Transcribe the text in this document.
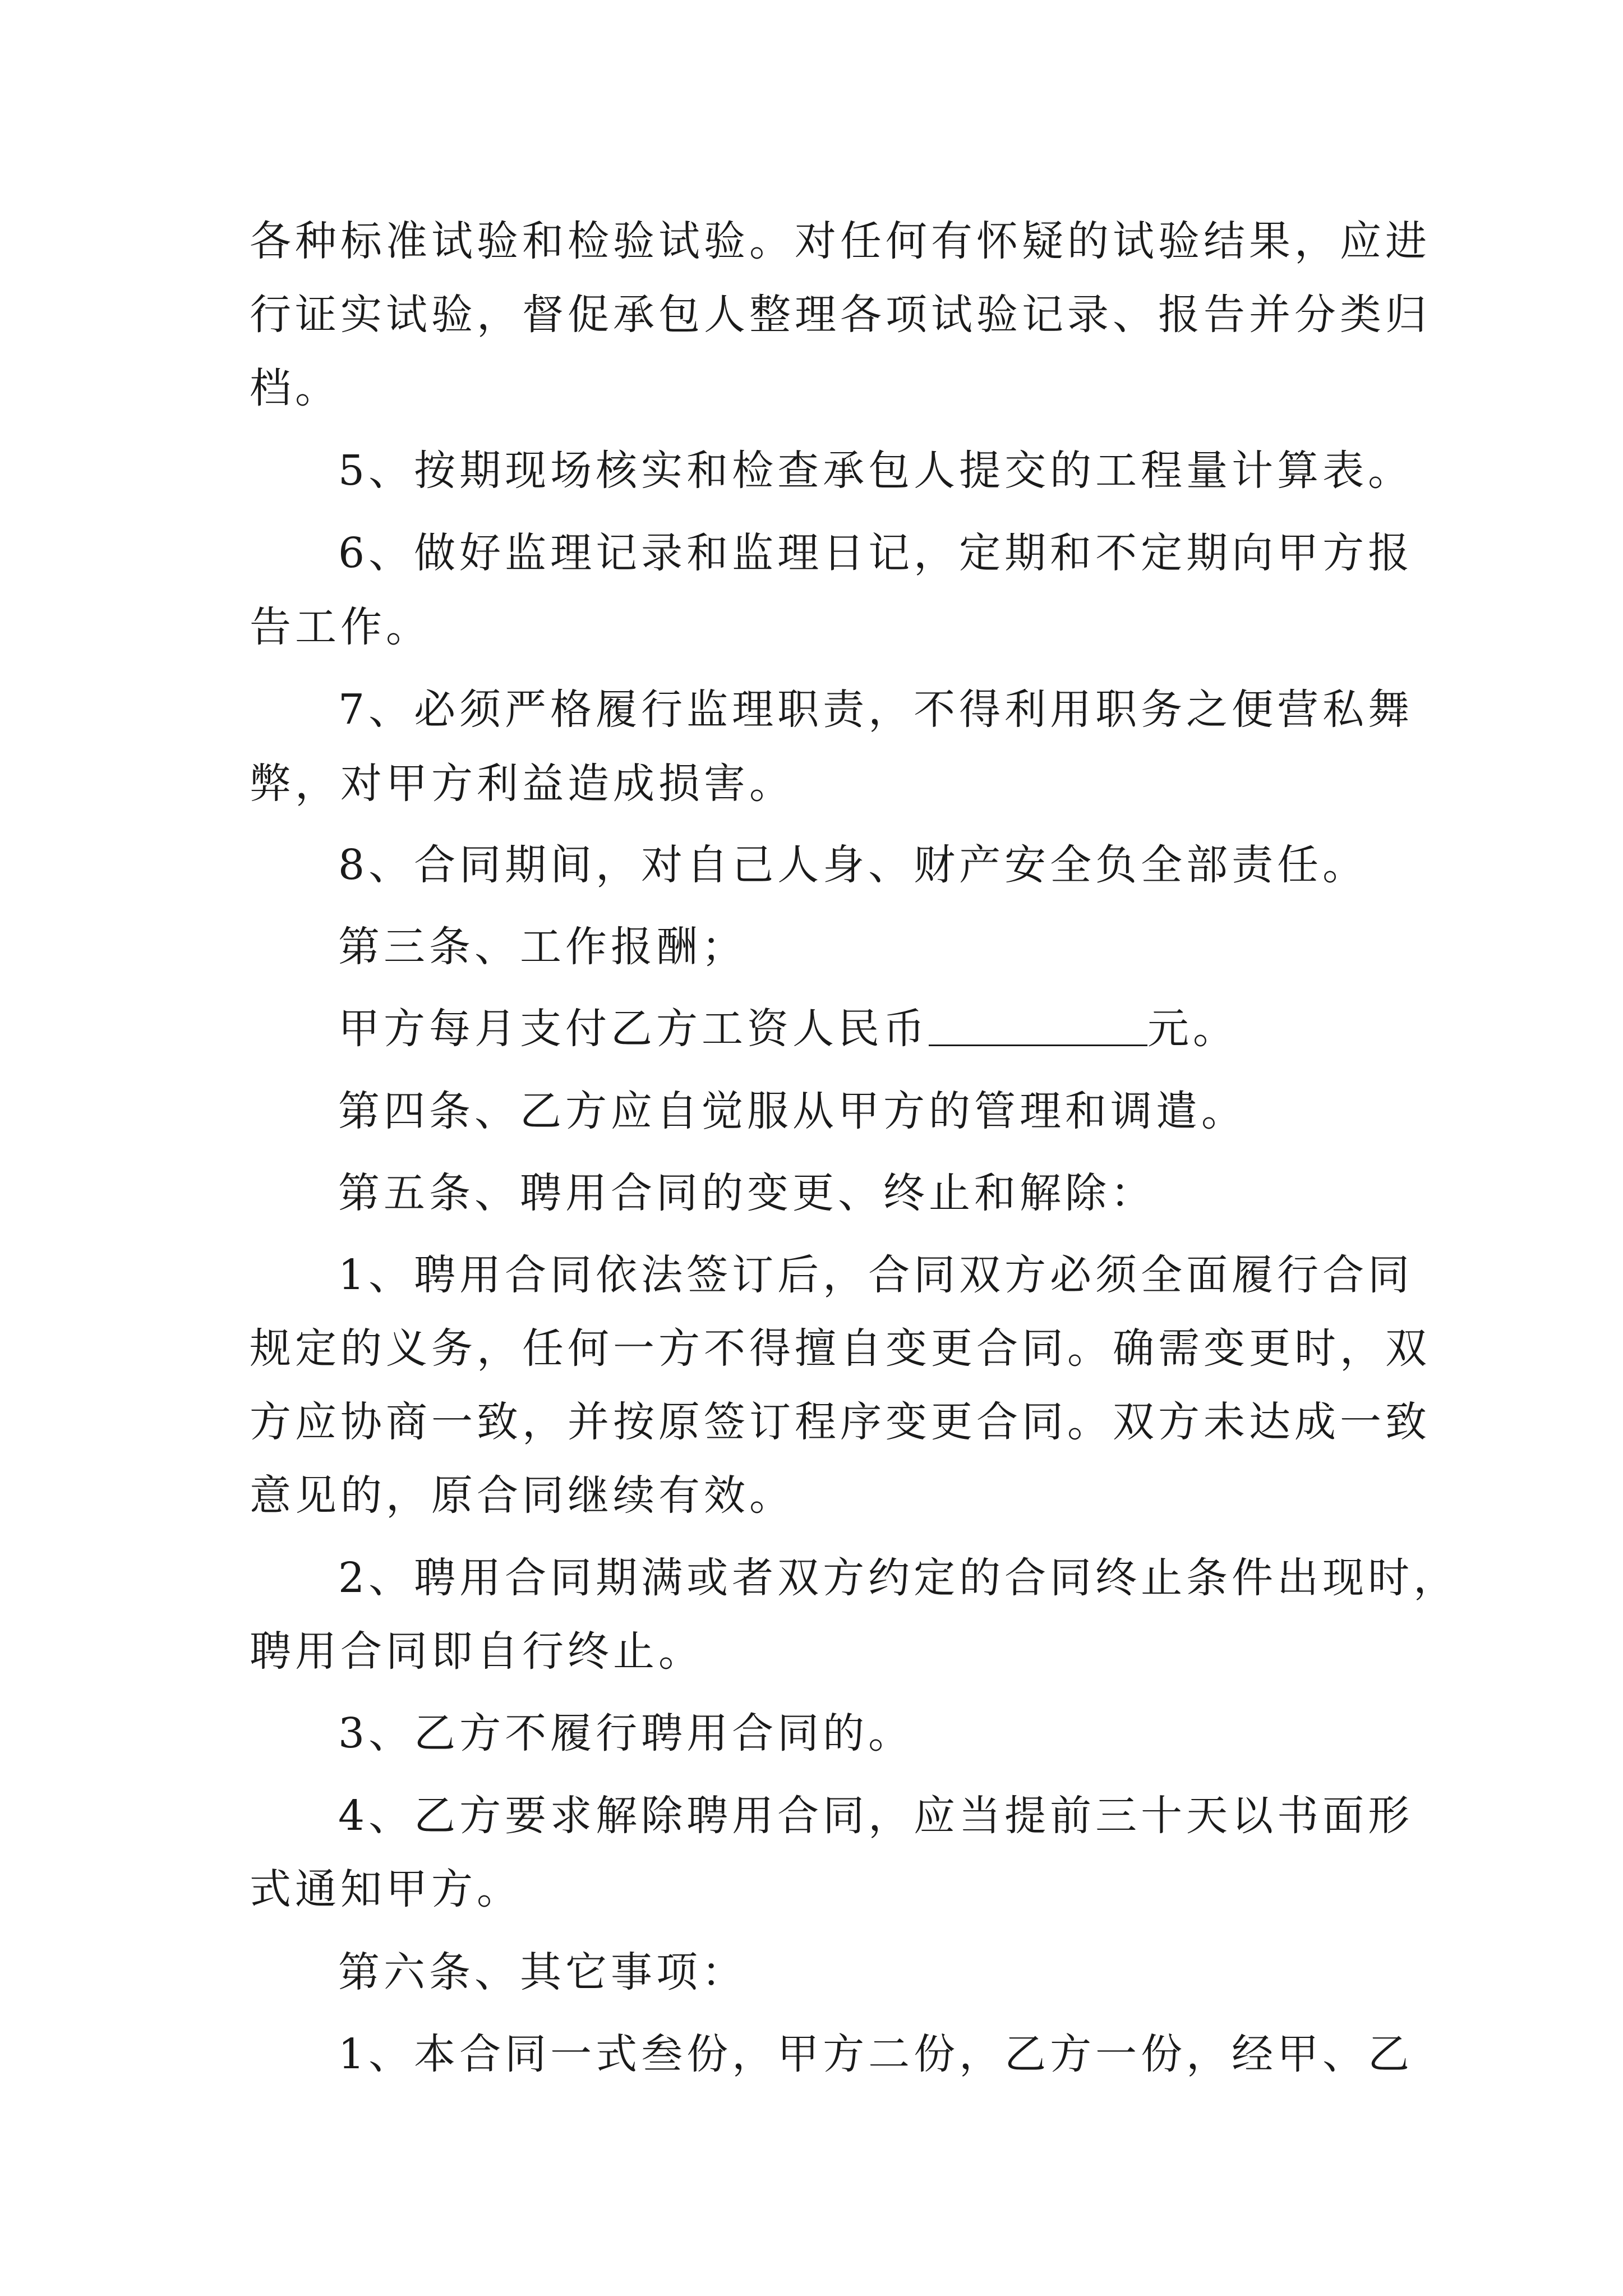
各种标准试验和检验试验。对任何有怀疑的试验结果，应进
行证实试验，督促承包人整理各项试验记录、报告并分类归
档。
5、按期现场核实和检查承包人提交的工程量计算表。
6、做好监理记录和监理日记，定期和不定期向甲方报
告工作。
7、必须严格履行监理职责，不得利用职务之便营私舞
弊，对甲方利益造成损害。
8、合同期间，对自己人身、财产安全负全部责任。
第三条、工作报酬；
甲方每月支付乙方工资人民币	元。
第四条、乙方应自觉服从甲方的管理和调遣。
第五条、聘用合同的变更、终止和解除：
1、聘用合同依法签订后，合同双方必须全面履行合同
规定的义务，任何一方不得擅自变更合同。确需变更时，双
方应协商一致，并按原签订程序变更合同。双方未达成一致
意见的，原合同继续有效。
2、聘用合同期满或者双方约定的合同终止条件出现时，
聘用合同即自行终止。
3、乙方不履行聘用合同的。
4、乙方要求解除聘用合同，应当提前三十天以书面形
式通知甲方。
第六条、其它事项：
1、本合同一式叁份，甲方二份，乙方一份，经甲、乙
